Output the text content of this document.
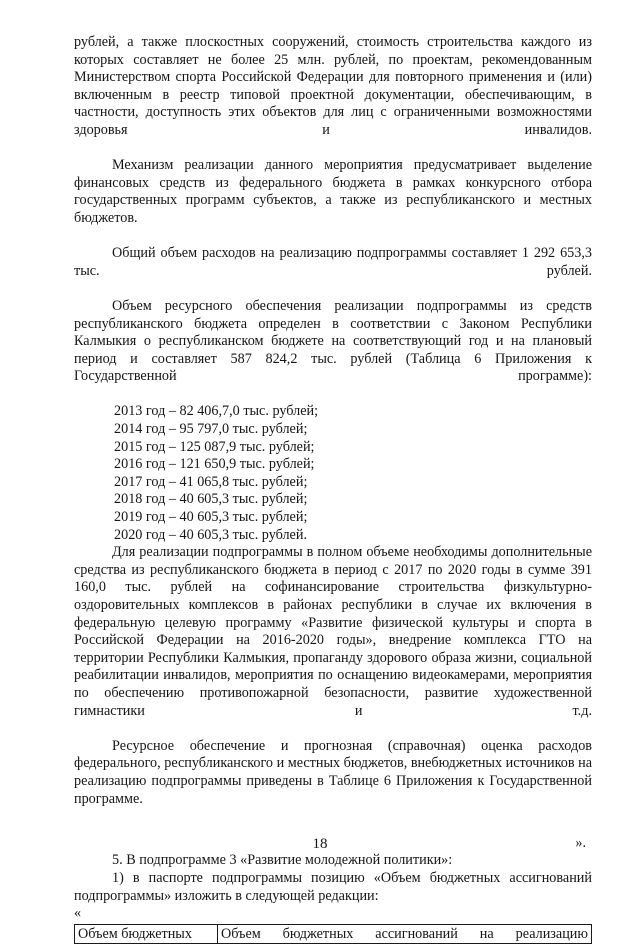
рублей, а также плоскостных сооружений, стоимость строительства каждого из которых составляет не более 25 млн. рублей, по проектам, рекомендованным Министерством спорта Российской Федерации для повторного применения и (или) включенным в реестр типовой проектной документации, обеспечивающим, в частности, доступность этих объектов для лиц с ограниченными возможностями здоровья и инвалидов.
Механизм реализации данного мероприятия предусматривает выделение финансовых средств из федерального бюджета в рамках конкурсного отбора государственных программ субъектов, а также из республиканского и местных бюджетов.
Общий объем расходов на реализацию подпрограммы составляет 1 292 653,3 тыс. рублей.
Объем ресурсного обеспечения реализации подпрограммы из средств республиканского бюджета определен в соответствии с Законом Республики Калмыкия о республиканском бюджете на соответствующий год и на плановый период и составляет 587 824,2 тыс. рублей (Таблица 6 Приложения к Государственной программе):
2013 год – 82 406,7,0 тыс. рублей;
2014 год – 95 797,0 тыс. рублей;
2015 год – 125 087,9 тыс. рублей;
2016 год – 121 650,9 тыс. рублей;
2017 год – 41 065,8 тыс. рублей;
2018 год – 40 605,3 тыс. рублей;
2019 год – 40 605,3 тыс. рублей;
2020 год – 40 605,3 тыс. рублей.
Для реализации подпрограммы в полном объеме необходимы дополнительные средства из республиканского бюджета в период с 2017 по 2020 годы в сумме 391 160,0 тыс. рублей на софинансирование строительства физкультурно-оздоровительных комплексов в районах республики в случае их включения в федеральную целевую программу «Развитие физической культуры и спорта в Российской Федерации на 2016-2020 годы», внедрение комплекса ГТО на территории Республики Калмыкия, пропаганду здорового образа жизни, социальной реабилитации инвалидов, мероприятия по оснащению видеокамерами, мероприятия по обеспечению противопожарной безопасности, развитие художественной гимнастики и т.д.
Ресурсное обеспечение и прогнозная (справочная) оценка расходов федерального, республиканского и местных бюджетов, внебюджетных источников на реализацию подпрограммы приведены в Таблице 6 Приложения к Государственной программе.
».
5. В подпрограмме 3 «Развитие молодежной политики»:
1) в паспорте подпрограммы позицию «Объем бюджетных ассигнований подпрограммы» изложить в следующей редакции:
«
Объем бюджетных	Объем бюджетных ассигнований на реализацию
18
